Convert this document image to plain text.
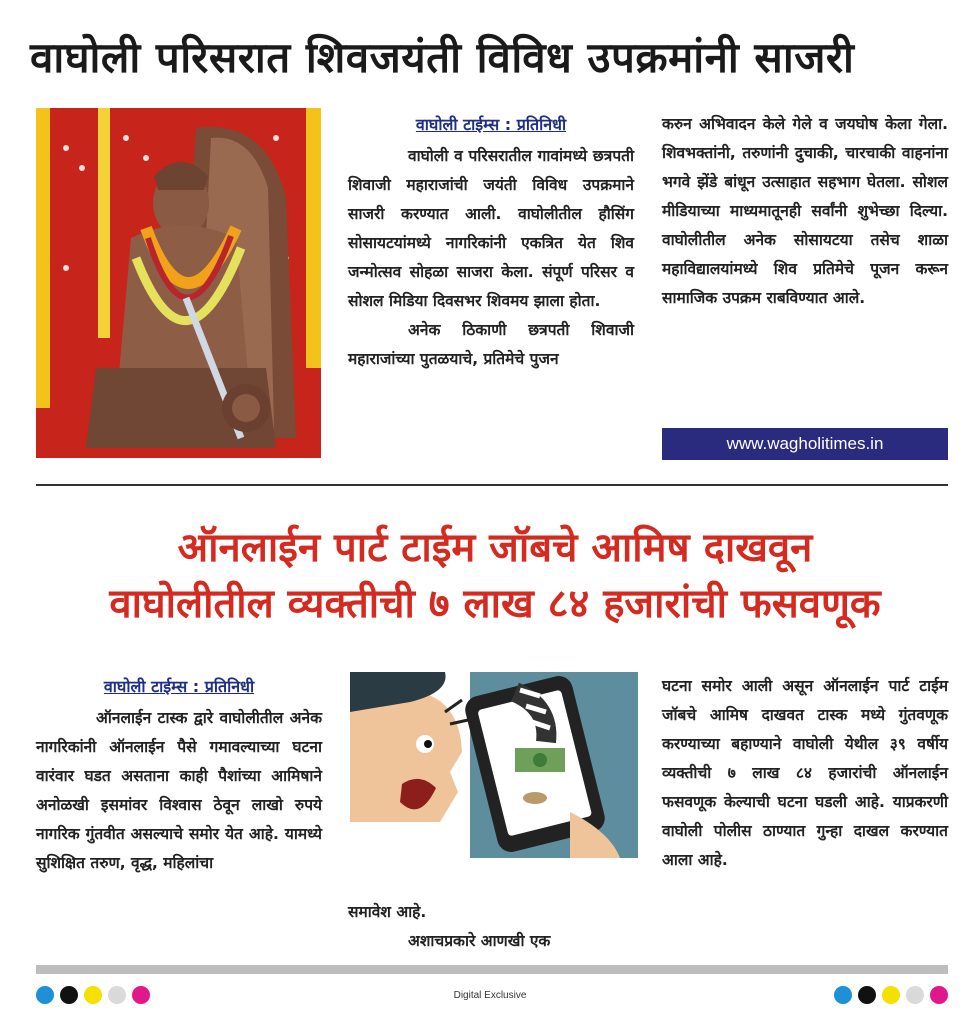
वाघोली परिसरात शिवजयंती विविध उपक्रमांनी साजरी
वाघोली टाईम्स : प्रतिनिधी

वाघोली व परिसरातील गावांमध्ये छत्रपती शिवाजी महाराजांची जयंती विविध उपक्रमाने साजरी करण्यात आली. वाघोलीतील हौसिंग सोसायटयांमध्ये नागरिकांनी एकत्रित येत शिव जन्मोत्सव सोहळा साजरा केला. संपूर्ण परिसर व सोशल मिडिया दिवसभर शिवमय झाला होता.

अनेक ठिकाणी छत्रपती शिवाजी महाराजांच्या पुतळयाचे, प्रतिमेचे पुजन

करुन अभिवादन केले गेले व जयघोष केला गेला. शिवभक्तांनी, तरुणांनी दुचाकी, चारचाकी वाहनांना भगवे झेंडे बांधून उत्साहात सहभाग घेतला. सोशल मीडियाच्या माध्यमातूनही सर्वांनी शुभेच्छा दिल्या. वाघोलीतील अनेक सोसायटया तसेच शाळा महाविद्यालयांमध्ये शिव प्रतिमेचे पूजन करून सामाजिक उपक्रम राबविण्यात आले.

www.wagholitimes.in
ऑनलाईन पार्ट टाईम जॉबचे आमिष दाखवून
वाघोलीतील व्यक्तीची ७ लाख ८४ हजारांची फसवणूक
वाघोली टाईम्स : प्रतिनिधी

ऑनलाईन टास्क द्वारे वाघोलीतील अनेक नागरिकांनी ऑनलाईन पैसे गमावल्याच्या घटना वारंवार घडत असताना काही पैशांच्या आमिषाने अनोळखी इसमांवर विश्वास ठेवून लाखो रुपये नागरिक गुंतवीत असल्याचे समोर येत आहे. यामध्ये सुशिक्षित तरुण, वृद्ध, महिलांचा

समावेश आहे.

अशाचप्रकारे आणखी एक

घटना समोर आली असून ऑनलाईन पार्ट टाईम जॉबचे आमिष दाखवत टास्क मध्ये गुंतवणूक करण्याच्या बहाण्याने वाघोली येथील ३९ वर्षीय व्यक्तीची ७ लाख ८४ हजारांची ऑनलाईन फसवणूक केल्याची घटना घडली आहे. याप्रकरणी वाघोली पोलीस ठाण्यात गुन्हा दाखल करण्यात आला आहे.

Digital Exclusive
